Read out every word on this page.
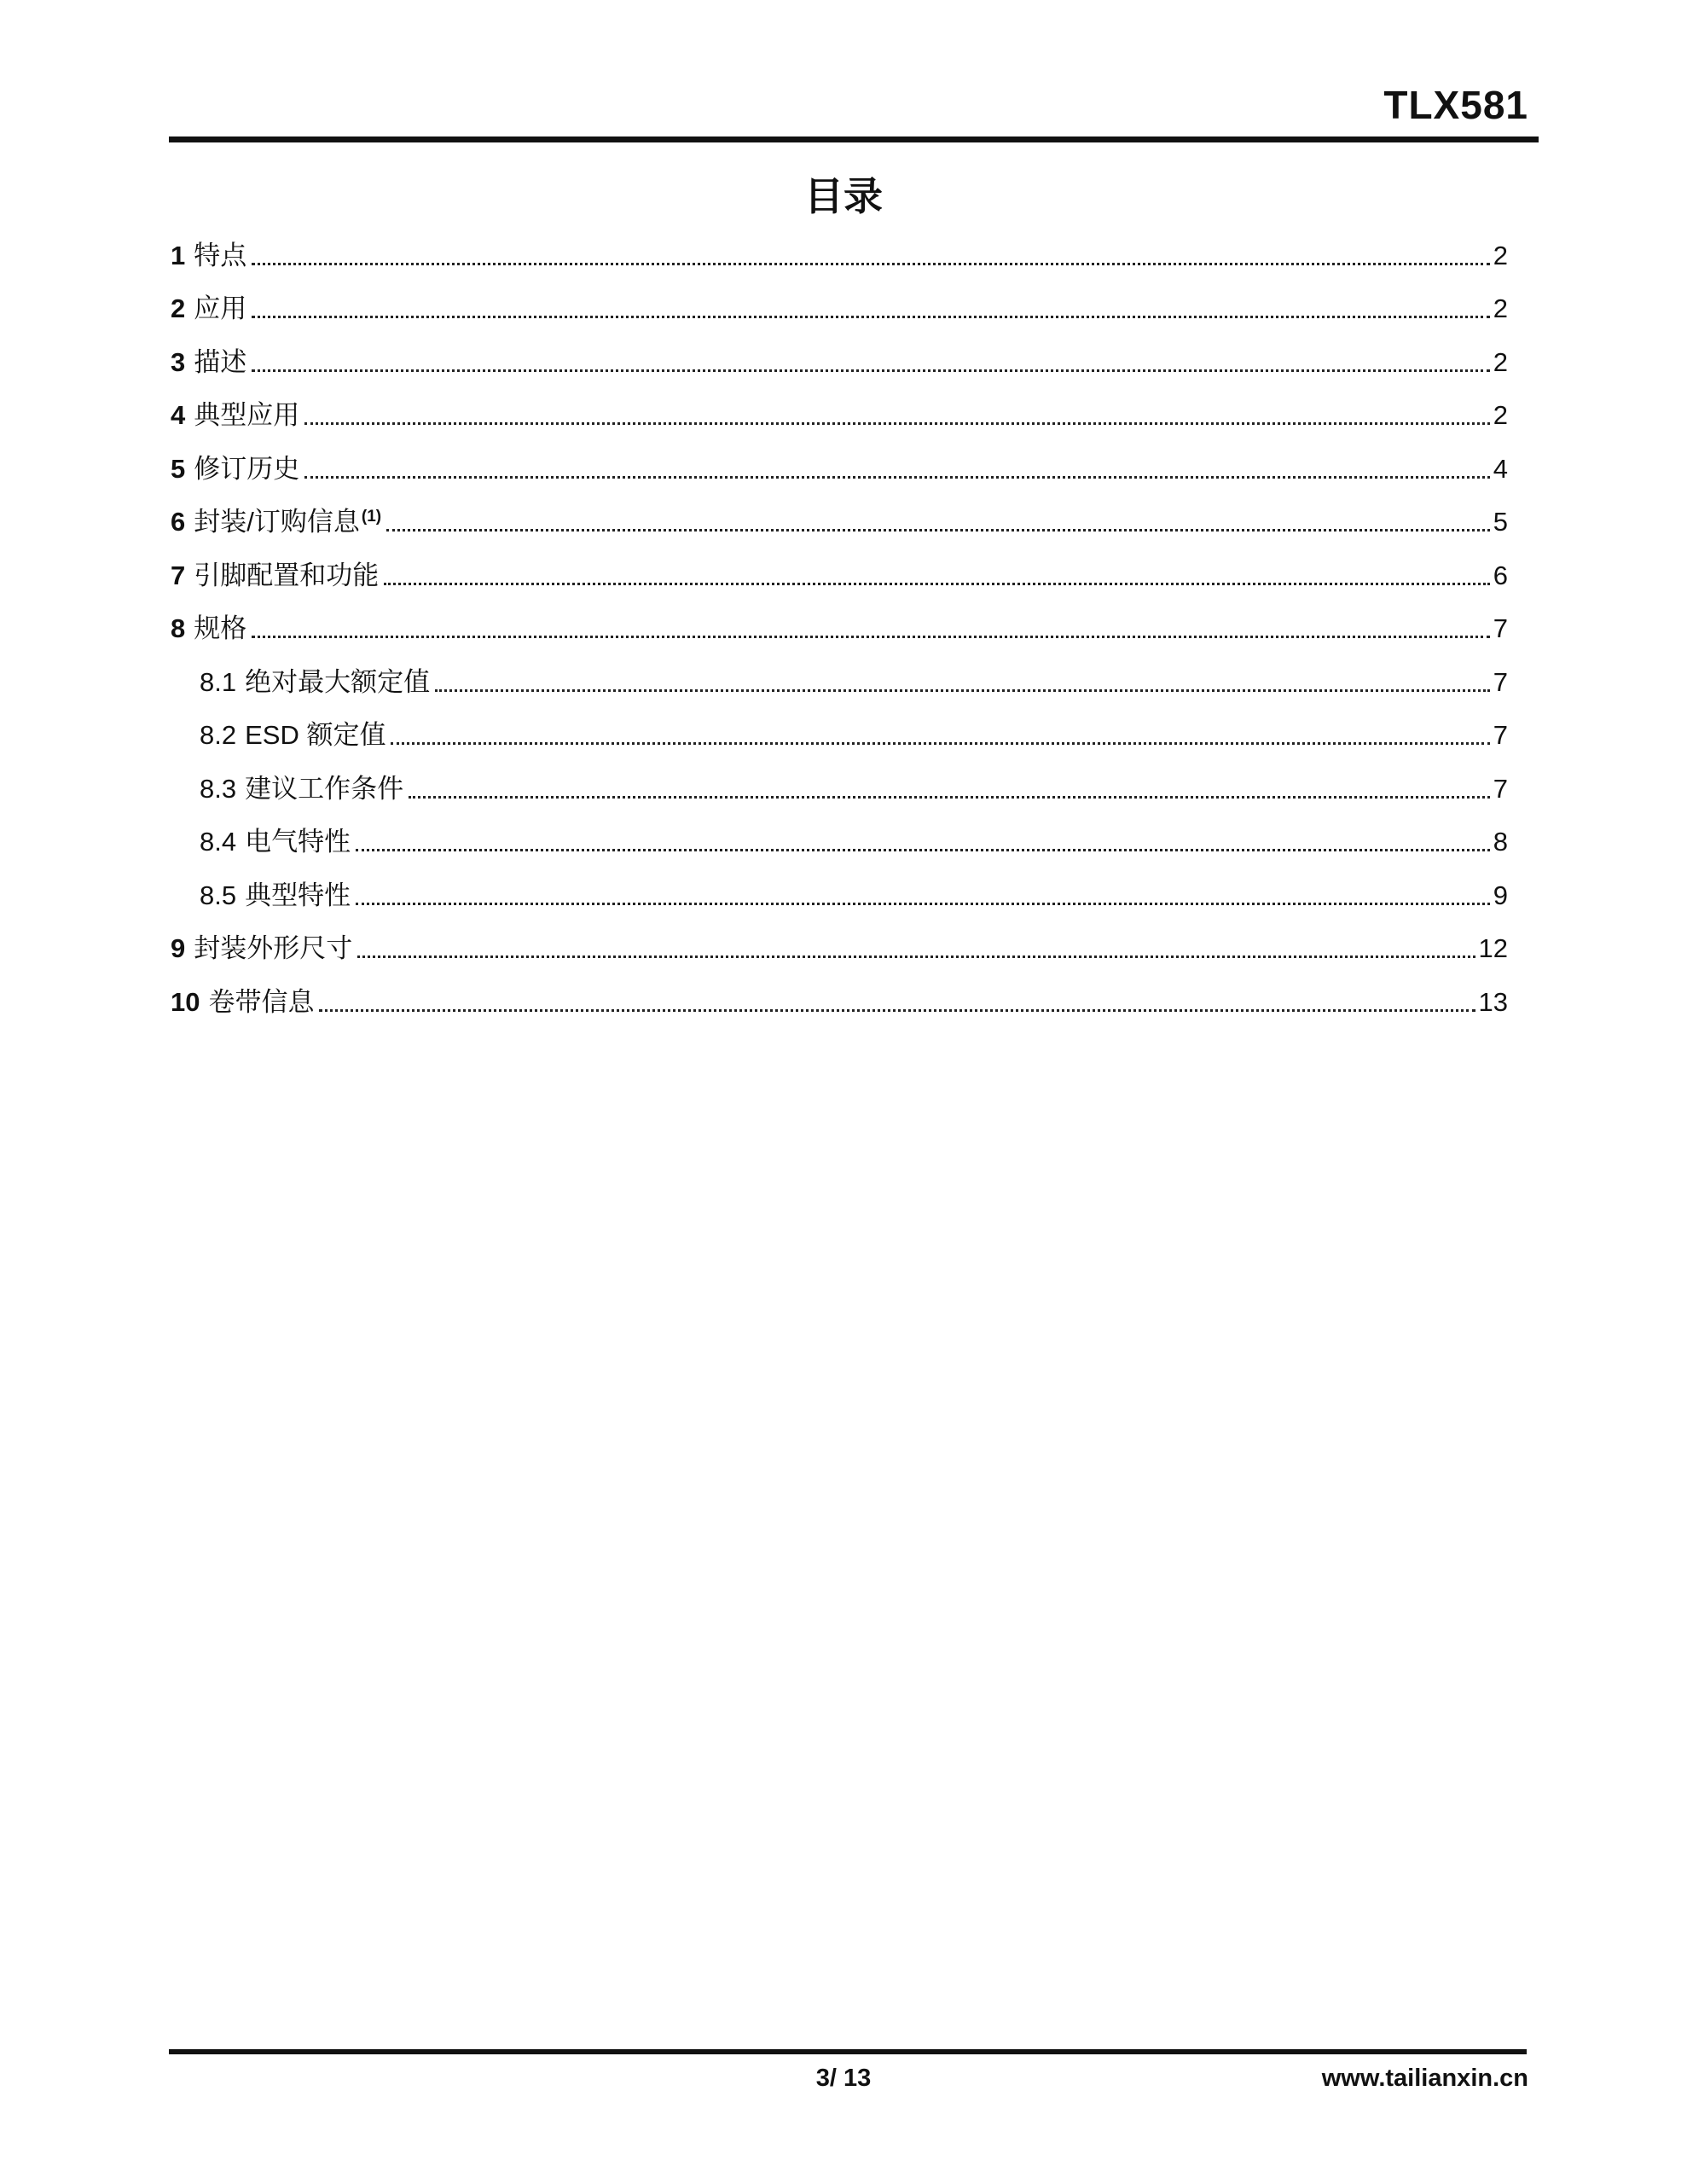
TLX581
目录
1 特点	2
2 应用	2
3 描述	2
4 典型应用	2
5 修订历史	4
6 封装/订购信息 $^{(1)}$	5
7 引脚配置和功能	6
8 规格	7
8.1 绝对最大额定值	7
8.2 ESD 额定值	7
8.3 建议工作条件	7
8.4 电气特性	8
8.5 典型特性	9
9 封装外形尺寸	12
10 卷带信息	13
3/ 13	www.tailianxin.cn
